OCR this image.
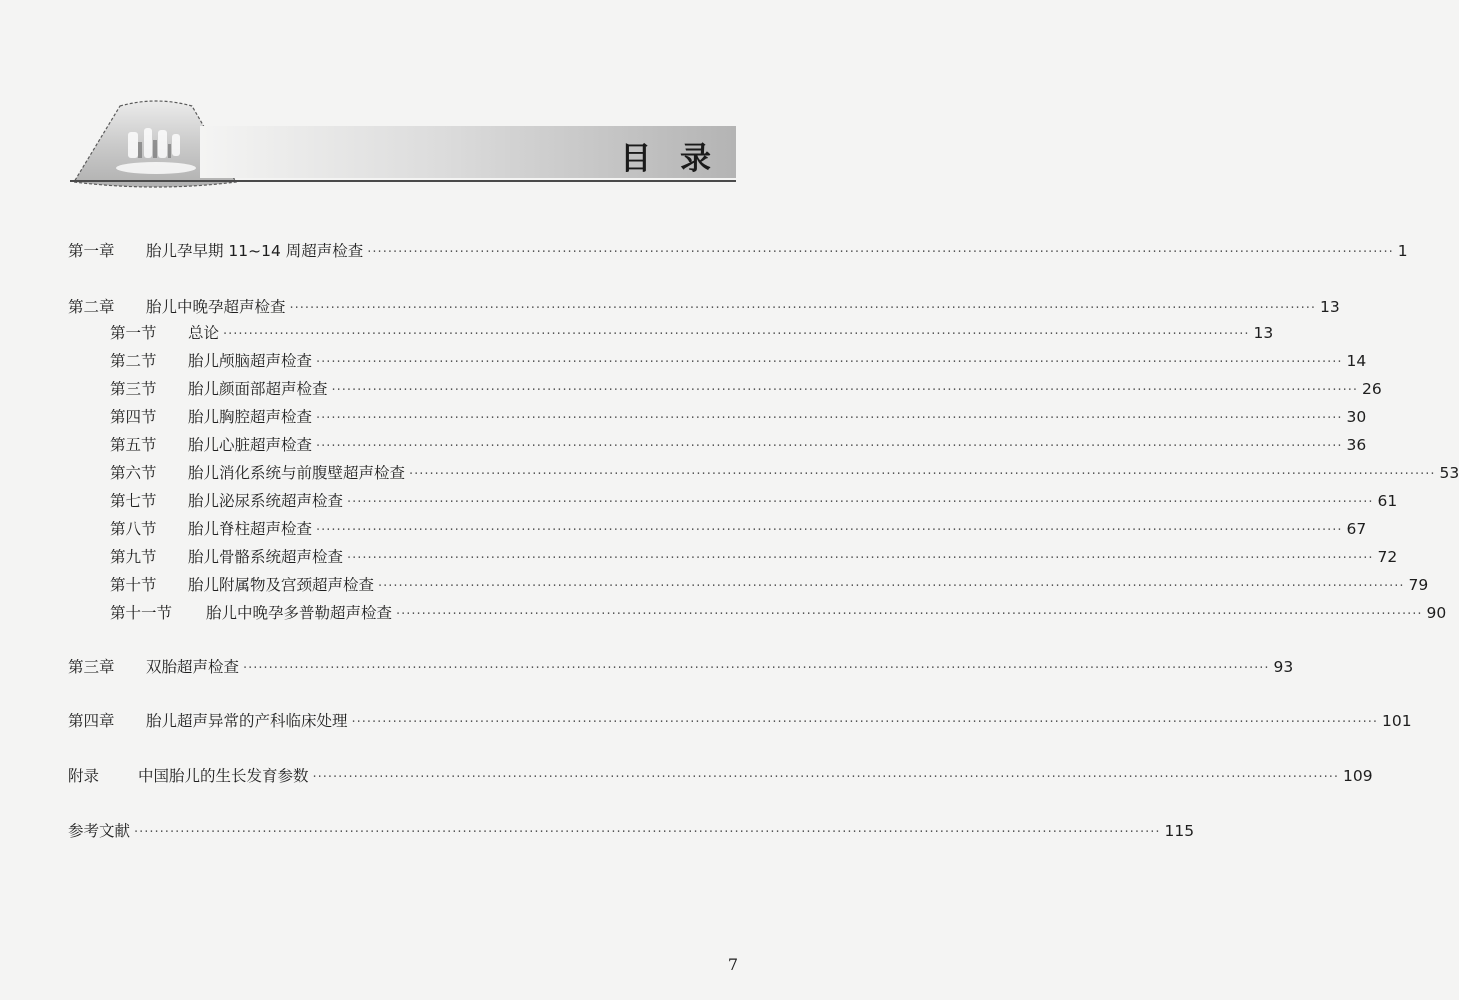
目 录
第一章	胎儿孕早期 11~14 周超声检查 ········································································································································································································ 1
第二章	胎儿中晚孕超声检查 ········································································································································································································ 13
第一节	总论 ········································································································································································································ 13
第二节	胎儿颅脑超声检查 ········································································································································································································ 14
第三节	胎儿颜面部超声检查 ········································································································································································································ 26
第四节	胎儿胸腔超声检查 ········································································································································································································ 30
第五节	胎儿心脏超声检查 ········································································································································································································ 36
第六节	胎儿消化系统与前腹壁超声检查 ········································································································································································································ 53
第七节	胎儿泌尿系统超声检查 ········································································································································································································ 61
第八节	胎儿脊柱超声检查 ········································································································································································································ 67
第九节	胎儿骨骼系统超声检查 ········································································································································································································ 72
第十节	胎儿附属物及宫颈超声检查 ········································································································································································································ 79
第十一节	胎儿中晚孕多普勒超声检查 ········································································································································································································ 90
第三章	双胎超声检查 ········································································································································································································ 93
第四章	胎儿超声异常的产科临床处理 ········································································································································································································ 101
附录	中国胎儿的生长发育参数 ········································································································································································································ 109
参考文献 ········································································································································································································ 115
7
